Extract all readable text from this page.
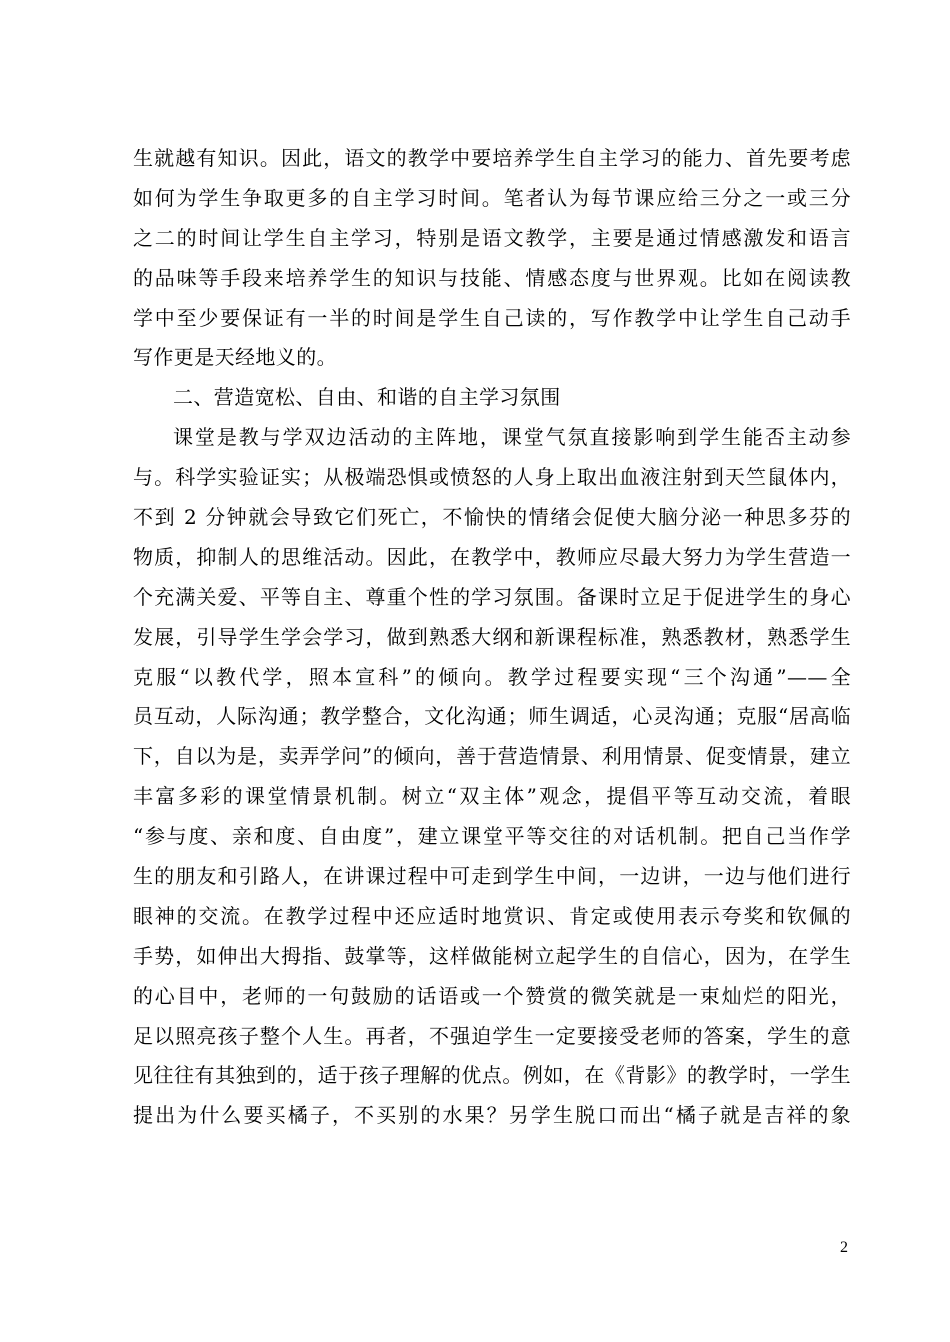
生就越有知识。因此，语文的教学中要培养学生自主学习的能力、首先要考虑
如何为学生争取更多的自主学习时间。笔者认为每节课应给三分之一或三分
之二的时间让学生自主学习，特别是语文教学，主要是通过情感激发和语言
的品味等手段来培养学生的知识与技能、情感态度与世界观。比如在阅读教
学中至少要保证有一半的时间是学生自己读的，写作教学中让学生自己动手
写作更是天经地义的。
二、营造宽松、自由、和谐的自主学习氛围
课堂是教与学双边活动的主阵地，课堂气氛直接影响到学生能否主动参
与。科学实验证实；从极端恐惧或愤怒的人身上取出血液注射到天竺鼠体内，
不到 2 分钟就会导致它们死亡，不愉快的情绪会促使大脑分泌一种思多芬的
物质，抑制人的思维活动。因此，在教学中，教师应尽最大努力为学生营造一
个充满关爱、平等自主、尊重个性的学习氛围。备课时立足于促进学生的身心
发展，引导学生学会学习，做到熟悉大纲和新课程标准，熟悉教材，熟悉学生
克服“以教代学，照本宣科”的倾向。教学过程要实现“三个沟通”——全
员互动，人际沟通；教学整合，文化沟通；师生调适，心灵沟通；克服“居高临
下，自以为是，卖弄学问”的倾向，善于营造情景、利用情景、促变情景，建立
丰富多彩的课堂情景机制。树立“双主体”观念，提倡平等互动交流，着眼
“参与度、亲和度、自由度”，建立课堂平等交往的对话机制。把自己当作学
生的朋友和引路人，在讲课过程中可走到学生中间，一边讲，一边与他们进行
眼神的交流。在教学过程中还应适时地赏识、肯定或使用表示夸奖和钦佩的
手势，如伸出大拇指、鼓掌等，这样做能树立起学生的自信心，因为，在学生
的心目中，老师的一句鼓励的话语或一个赞赏的微笑就是一束灿烂的阳光，
足以照亮孩子整个人生。再者，不强迫学生一定要接受老师的答案，学生的意
见往往有其独到的，适于孩子理解的优点。例如，在《背影》的教学时，一学生
提出为什么要买橘子，不买别的水果？另学生脱口而出“橘子就是吉祥的象
2
